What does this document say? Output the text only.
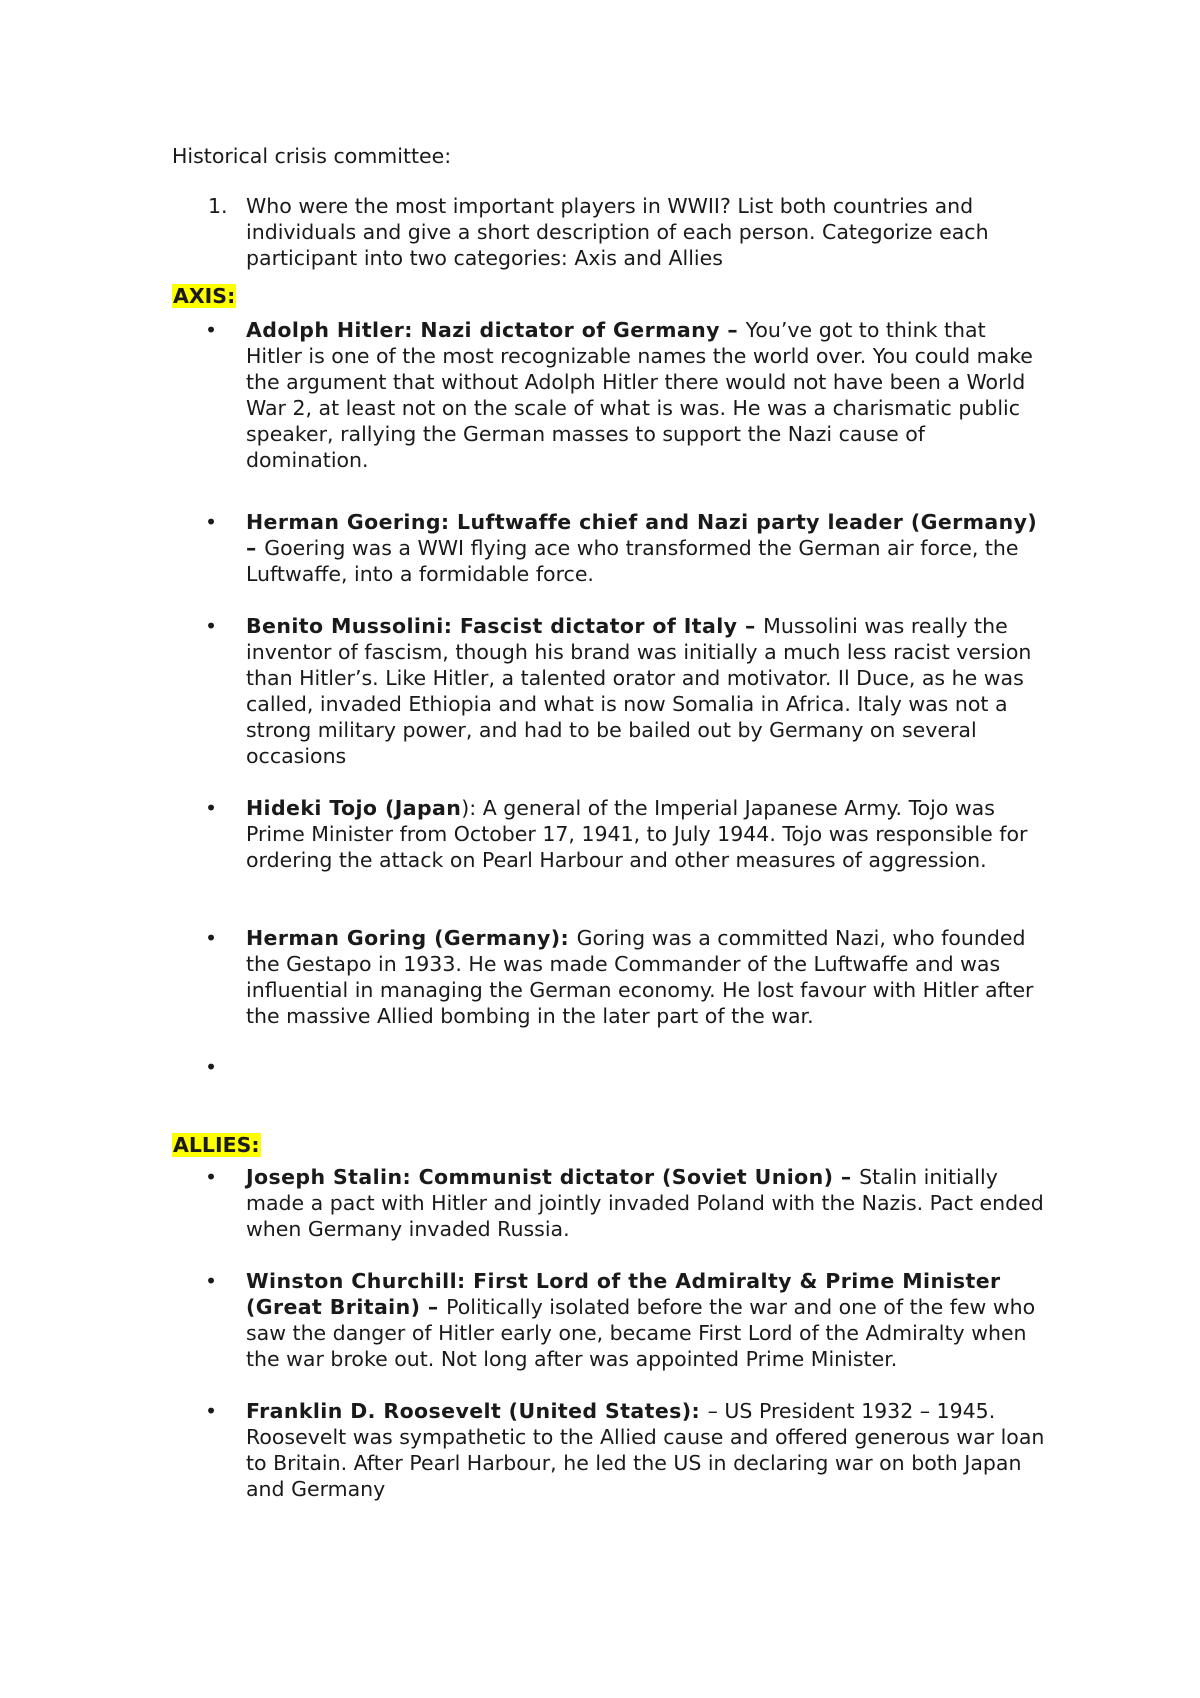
Historical crisis committee:

1. Who were the most important players in WWII? List both countries and individuals and give a short description of each person. Categorize each participant into two categories: Axis and Allies

AXIS:
•	Adolph Hitler: Nazi dictator of Germany – You’ve got to think that Hitler is one of the most recognizable names the world over. You could make the argument that without Adolph Hitler there would not have been a World War 2, at least not on the scale of what is was. He was a charismatic public speaker, rallying the German masses to support the Nazi cause of domination.

•	Herman Goering: Luftwaffe chief and Nazi party leader (Germany) – Goering was a WWI flying ace who transformed the German air force, the Luftwaffe, into a formidable force.

•	Benito Mussolini: Fascist dictator of Italy – Mussolini was really the inventor of fascism, though his brand was initially a much less racist version than Hitler’s. Like Hitler, a talented orator and motivator. Il Duce, as he was called, invaded Ethiopia and what is now Somalia in Africa. Italy was not a strong military power, and had to be bailed out by Germany on several occasions

•	Hideki Tojo (Japan): A general of the Imperial Japanese Army. Tojo was Prime Minister from October 17, 1941, to July 1944. Tojo was responsible for ordering the attack on Pearl Harbour and other measures of aggression.

•	Herman Goring (Germany): Goring was a committed Nazi, who founded the Gestapo in 1933. He was made Commander of the Luftwaffe and was influential in managing the German economy. He lost favour with Hitler after the massive Allied bombing in the later part of the war.

•

ALLIES:
•	Joseph Stalin: Communist dictator (Soviet Union) – Stalin initially made a pact with Hitler and jointly invaded Poland with the Nazis. Pact ended when Germany invaded Russia.

•	Winston Churchill: First Lord of the Admiralty & Prime Minister (Great Britain) – Politically isolated before the war and one of the few who saw the danger of Hitler early one, became First Lord of the Admiralty when the war broke out. Not long after was appointed Prime Minister.

•	Franklin D. Roosevelt (United States): – US President 1932 – 1945. Roosevelt was sympathetic to the Allied cause and offered generous war loan to Britain. After Pearl Harbour, he led the US in declaring war on both Japan and Germany
